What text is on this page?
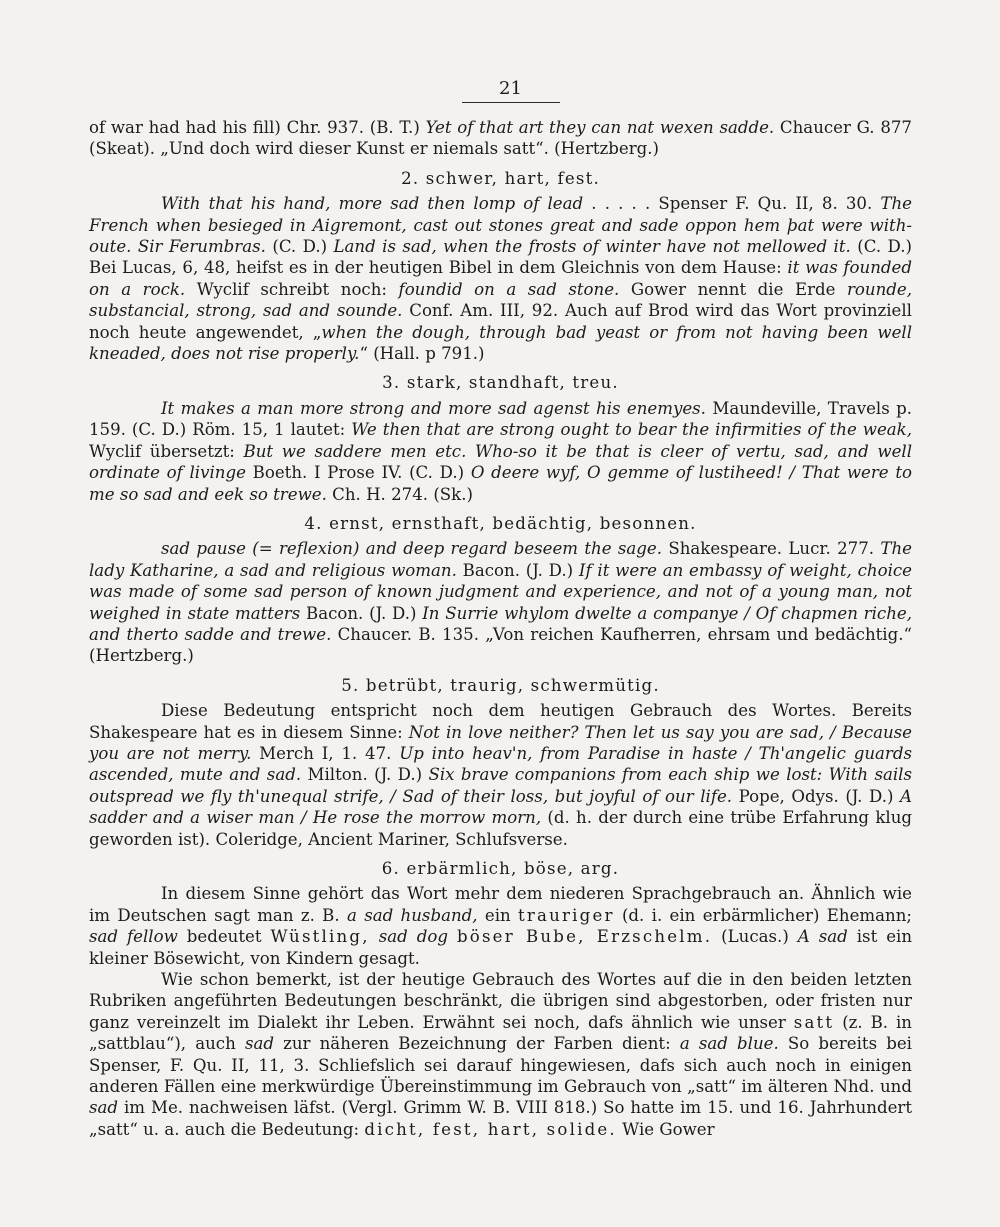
21

of war had had his fill) Chr. 937. (B. T.) Yet of that art they can nat wexen sadde. Chaucer G. 877 (Skeat). „Und doch wird dieser Kunst er niemals satt“. (Hertzberg.)

2. schwer, hart, fest.

With that his hand, more sad then lomp of lead . . . . . Spenser F. Qu. II, 8. 30. The French when besieged in Aigremont, cast out stones great and sade oppon hem þat were with-oute. Sir Ferumbras. (C. D.) Land is sad, when the frosts of winter have not mellowed it. (C. D.) Bei Lucas, 6, 48, heifst es in der heutigen Bibel in dem Gleichnis von dem Hause: it was founded on a rock. Wyclif schreibt noch: foundid on a sad stone. Gower nennt die Erde rounde, substancial, strong, sad and sounde. Conf. Am. III, 92. Auch auf Brod wird das Wort provinziell noch heute angewendet, „when the dough, through bad yeast or from not having been well kneaded, does not rise properly.“ (Hall. p 791.)

3. stark, standhaft, treu.

It makes a man more strong and more sad agenst his enemyes. Maundeville, Travels p. 159. (C. D.) Röm. 15, 1 lautet: We then that are strong ought to bear the infirmities of the weak, Wyclif übersetzt: But we saddere men etc. Who-so it be that is cleer of vertu, sad, and well ordinate of livinge Boeth. I Prose IV. (C. D.) O deere wyf, O gemme of lustiheed! / That were to me so sad and eek so trewe. Ch. H. 274. (Sk.)

4. ernst, ernsthaft, bedächtig, besonnen.

sad pause (= reflexion) and deep regard beseem the sage. Shakespeare. Lucr. 277. The lady Katharine, a sad and religious woman. Bacon. (J. D.) If it were an embassy of weight, choice was made of some sad person of known judgment and experience, and not of a young man, not weighed in state matters Bacon. (J. D.) In Surrie whylom dwelte a companye / Of chapmen riche, and therto sadde and trewe. Chaucer. B. 135. „Von reichen Kaufherren, ehrsam und bedächtig.“ (Hertzberg.)

5. betrübt, traurig, schwermütig.

Diese Bedeutung entspricht noch dem heutigen Gebrauch des Wortes. Bereits Shakespeare hat es in diesem Sinne: Not in love neither? Then let us say you are sad, / Because you are not merry. Merch I, 1. 47. Up into heav'n, from Paradise in haste / Th'angelic guards ascended, mute and sad. Milton. (J. D.) Six brave companions from each ship we lost: With sails outspread we fly th'unequal strife, / Sad of their loss, but joyful of our life. Pope, Odys. (J. D.) A sadder and a wiser man / He rose the morrow morn, (d. h. der durch eine trübe Erfahrung klug geworden ist). Coleridge, Ancient Mariner, Schlufsverse.

6. erbärmlich, böse, arg.

In diesem Sinne gehört das Wort mehr dem niederen Sprachgebrauch an. Ähnlich wie im Deutschen sagt man z. B. a sad husband, ein trauriger (d. i. ein erbärmlicher) Ehemann; sad fellow bedeutet Wüstling, sad dog böser Bube, Erzschelm. (Lucas.) A sad ist ein kleiner Bösewicht, von Kindern gesagt.

Wie schon bemerkt, ist der heutige Gebrauch des Wortes auf die in den beiden letzten Rubriken angeführten Bedeutungen beschränkt, die übrigen sind abgestorben, oder fristen nur ganz vereinzelt im Dialekt ihr Leben. Erwähnt sei noch, dafs ähnlich wie unser satt (z. B. in „sattblau“), auch sad zur näheren Bezeichnung der Farben dient: a sad blue. So bereits bei Spenser, F. Qu. II, 11, 3. Schliefslich sei darauf hingewiesen, dafs sich auch noch in einigen anderen Fällen eine merkwürdige Übereinstimmung im Gebrauch von „satt“ im älteren Nhd. und sad im Me. nachweisen läfst. (Vergl. Grimm W. B. VIII 818.) So hatte im 15. und 16. Jahrhundert „satt“ u. a. auch die Bedeutung: dicht, fest, hart, solide. Wie Gower
